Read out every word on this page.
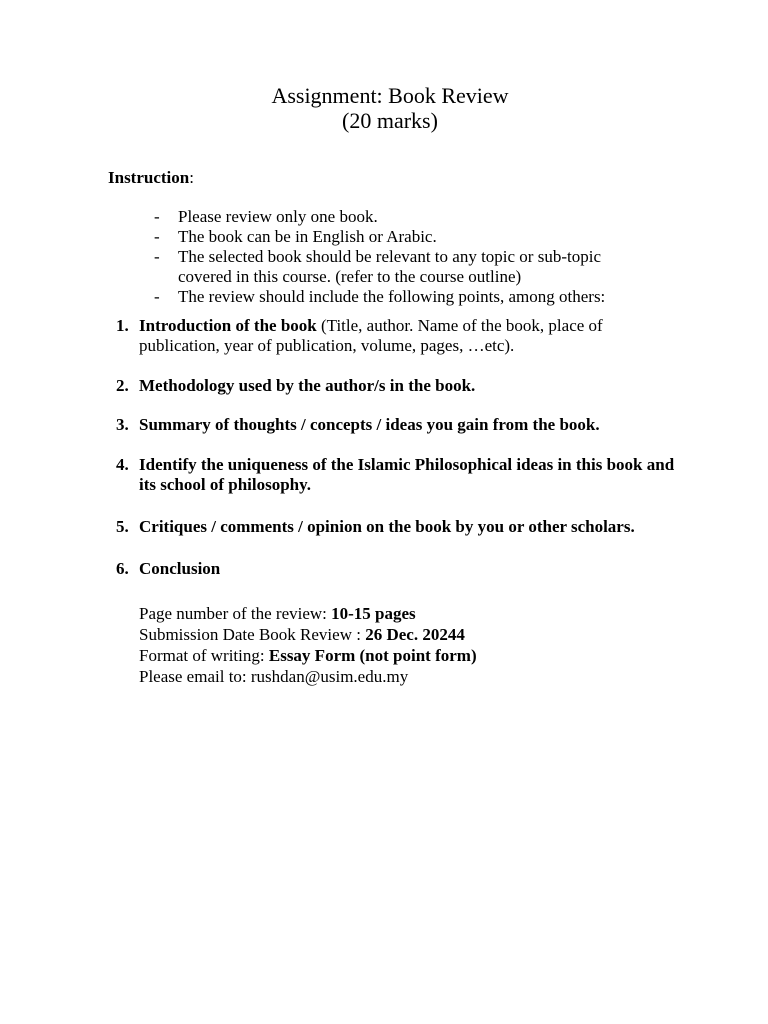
Assignment: Book Review
(20 marks)
Instruction:
- Please review only one book.
- The book can be in English or Arabic.
- The selected book should be relevant to any topic or sub-topic covered in this course. (refer to the course outline)
- The review should include the following points, among others:
1. Introduction of the book (Title, author. Name of the book, place of publication, year of publication, volume, pages, …etc).
2. Methodology used by the author/s in the book.
3. Summary of thoughts / concepts / ideas you gain from the book.
4. Identify the uniqueness of the Islamic Philosophical ideas in this book and its school of philosophy.
5. Critiques / comments / opinion on the book by you or other scholars.
6. Conclusion
Page number of the review: 10-15 pages
Submission Date Book Review : 26 Dec. 20244
Format of writing: Essay Form (not point form)
Please email to: rushdan@usim.edu.my
